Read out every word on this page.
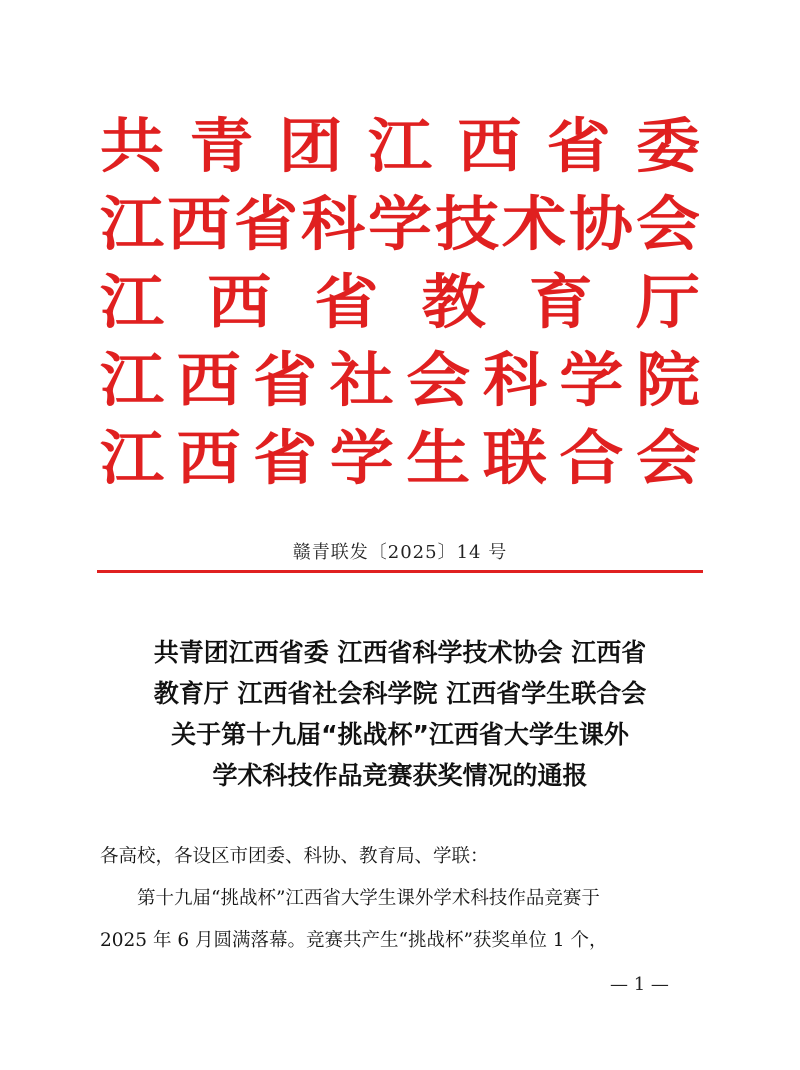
共 青 团 江 西 省 委
江 西 省 科 学 技 术 协 会
江 西 省 教 育 厅
江 西 省 社 会 科 学 院
江 西 省 学 生 联 合 会
赣青联发〔2025〕14 号
共青团江西省委 江西省科学技术协会 江西省
教育厅 江西省社会科学院 江西省学生联合会
关于第十九届“挑战杯”江西省大学生课外
学术科技作品竞赛获奖情况的通报
各高校，各设区市团委、科协、教育局、学联：
第十九届“挑战杯”江西省大学生课外学术科技作品竞赛于
2025 年 6 月圆满落幕。竞赛共产生“挑战杯”获奖单位 1 个，
— 1 —
